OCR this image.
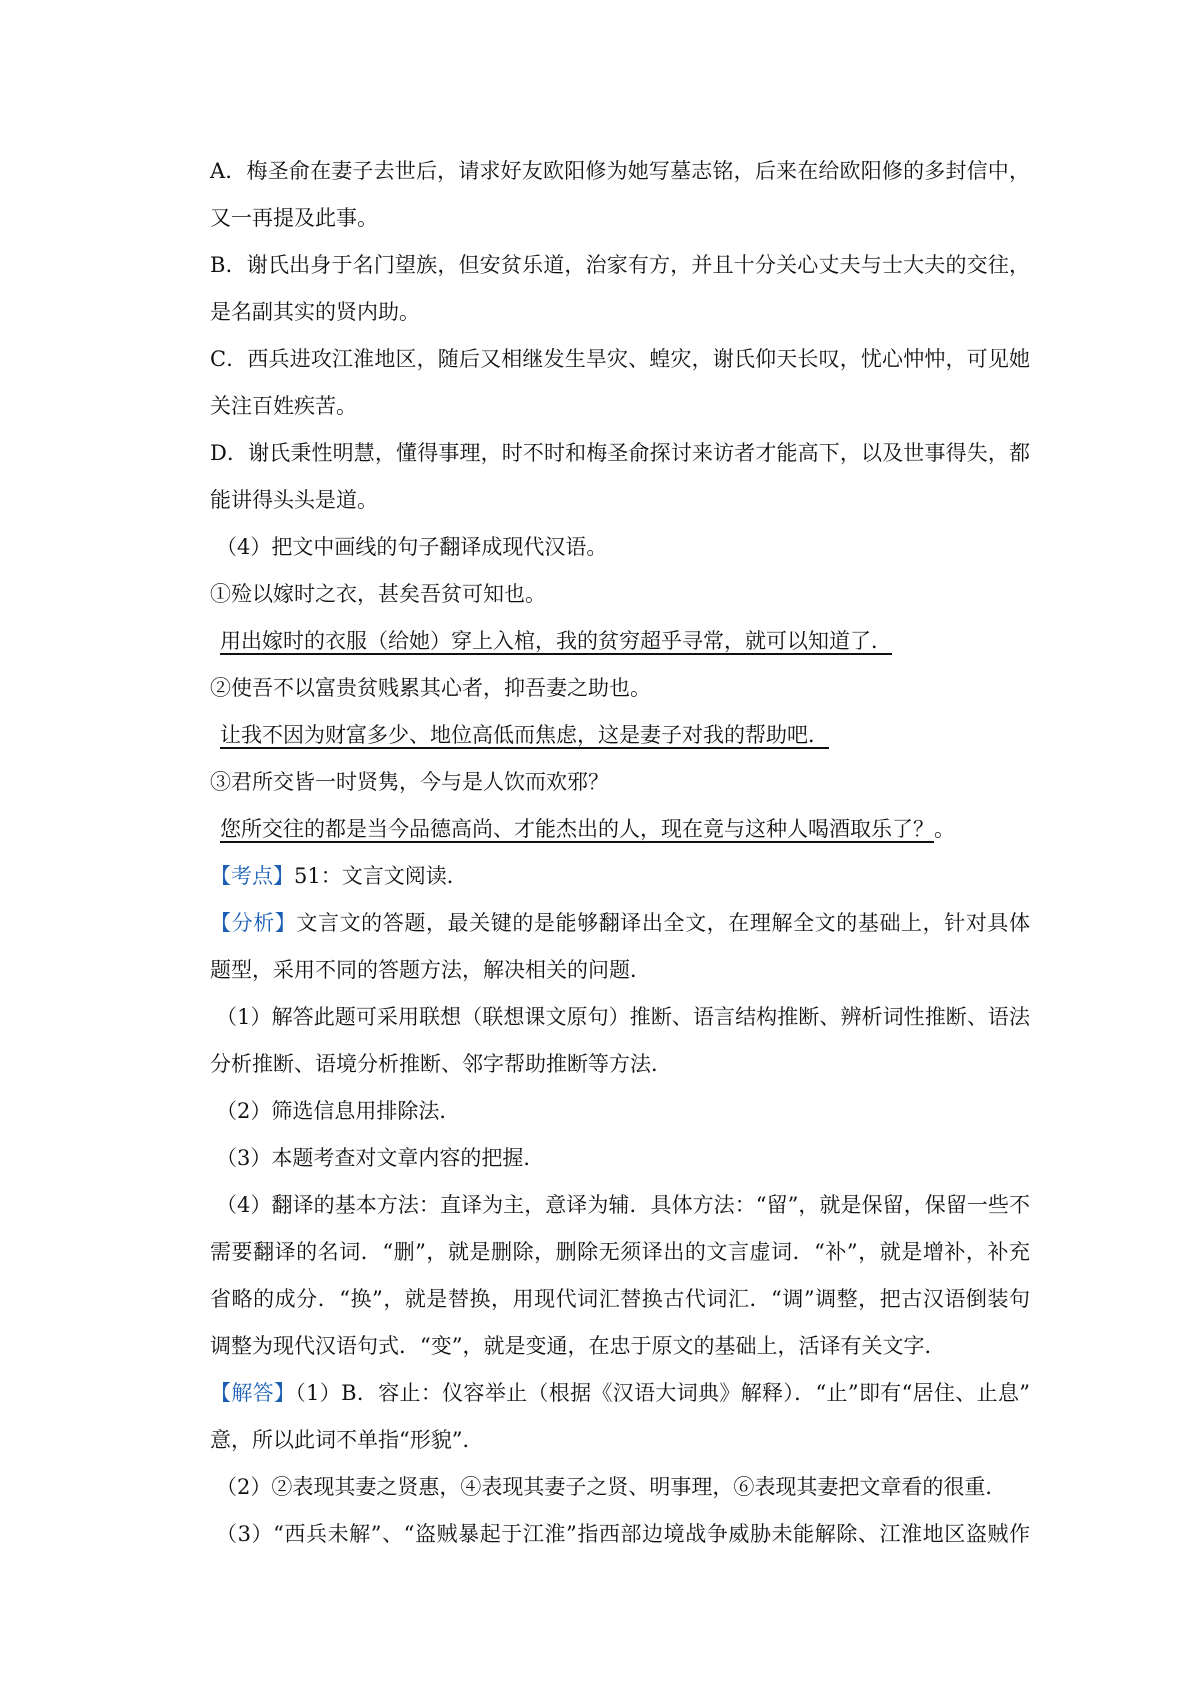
A．梅圣俞在妻子去世后，请求好友欧阳修为她写墓志铭，后来在给欧阳修的多封信中，
又一再提及此事。
B．谢氏出身于名门望族，但安贫乐道，治家有方，并且十分关心丈夫与士大夫的交往，
是名副其实的贤内助。
C．西兵进攻江淮地区，随后又相继发生旱灾、蝗灾，谢氏仰天长叹，忧心忡忡，可见她
关注百姓疾苦。
D．谢氏秉性明慧，懂得事理，时不时和梅圣俞探讨来访者才能高下，以及世事得失，都
能讲得头头是道。
（4）把文中画线的句子翻译成现代汉语。
①殓以嫁时之衣，甚矣吾贫可知也。
用出嫁时的衣服（给她）穿上入棺，我的贫穷超乎寻常，就可以知道了．
②使吾不以富贵贫贱累其心者，抑吾妻之助也。
让我不因为财富多少、地位高低而焦虑，这是妻子对我的帮助吧．
③君所交皆一时贤隽，今与是人饮而欢邪？
您所交往的都是当今品德高尚、才能杰出的人，现在竟与这种人喝酒取乐了？。
【考点】51：文言文阅读．
【分析】文言文的答题，最关键的是能够翻译出全文，在理解全文的基础上，针对具体
题型，采用不同的答题方法，解决相关的问题．
（1）解答此题可采用联想（联想课文原句）推断、语言结构推断、辨析词性推断、语法
分析推断、语境分析推断、邻字帮助推断等方法．
（2）筛选信息用排除法．
（3）本题考查对文章内容的把握．
（4）翻译的基本方法：直译为主，意译为辅．具体方法：“留”，就是保留，保留一些不
需要翻译的名词．“删”，就是删除，删除无须译出的文言虚词．“补”，就是增补，补充
省略的成分．“换”，就是替换，用现代词汇替换古代词汇．“调”调整，把古汉语倒装句
调整为现代汉语句式．“变”，就是变通，在忠于原文的基础上，活译有关文字．
【解答】（1）B．容止：仪容举止（根据《汉语大词典》解释）．“止”即有“居住、止息”
意，所以此词不单指“形貌”．
（2）②表现其妻之贤惠，④表现其妻子之贤、明事理，⑥表现其妻把文章看的很重．
（3）“西兵未解”、“盗贼暴起于江淮”指西部边境战争威胁未能解除、江淮地区盗贼作
